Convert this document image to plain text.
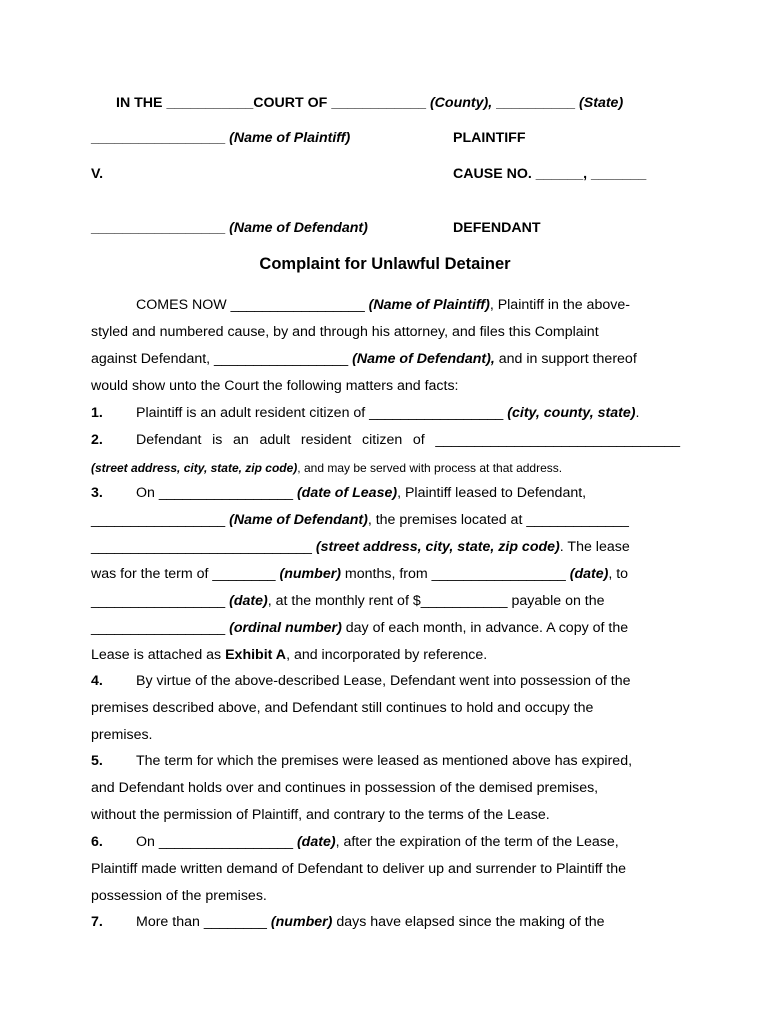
IN THE ___________COURT OF ____________ (County), __________ (State)
_________________ (Name of Plaintiff)	PLAINTIFF
V.	CAUSE NO. ______, _______
_________________ (Name of Defendant)	DEFENDANT
Complaint for Unlawful Detainer
COMES NOW _________________ (Name of Plaintiff), Plaintiff in the above-
styled and numbered cause, by and through his attorney, and files this Complaint
against Defendant, _________________ (Name of Defendant), and in support thereof
would show unto the Court the following matters and facts:
1. Plaintiff is an adult resident citizen of _________________ (city, county, state).
2. Defendant is an adult resident citizen of _______________________________
(street address, city, state, zip code), and may be served with process at that address.
3. On _________________ (date of Lease), Plaintiff leased to Defendant,
_________________ (Name of Defendant), the premises located at _____________
____________________________ (street address, city, state, zip code). The lease
was for the term of ________ (number) months, from _________________ (date), to
_________________ (date), at the monthly rent of $___________ payable on the
_________________ (ordinal number) day of each month, in advance. A copy of the
Lease is attached as Exhibit A, and incorporated by reference.
4. By virtue of the above-described Lease, Defendant went into possession of the
premises described above, and Defendant still continues to hold and occupy the
premises.
5. The term for which the premises were leased as mentioned above has expired,
and Defendant holds over and continues in possession of the demised premises,
without the permission of Plaintiff, and contrary to the terms of the Lease.
6. On _________________ (date), after the expiration of the term of the Lease,
Plaintiff made written demand of Defendant to deliver up and surrender to Plaintiff the
possession of the premises.
7. More than ________ (number) days have elapsed since the making of the
